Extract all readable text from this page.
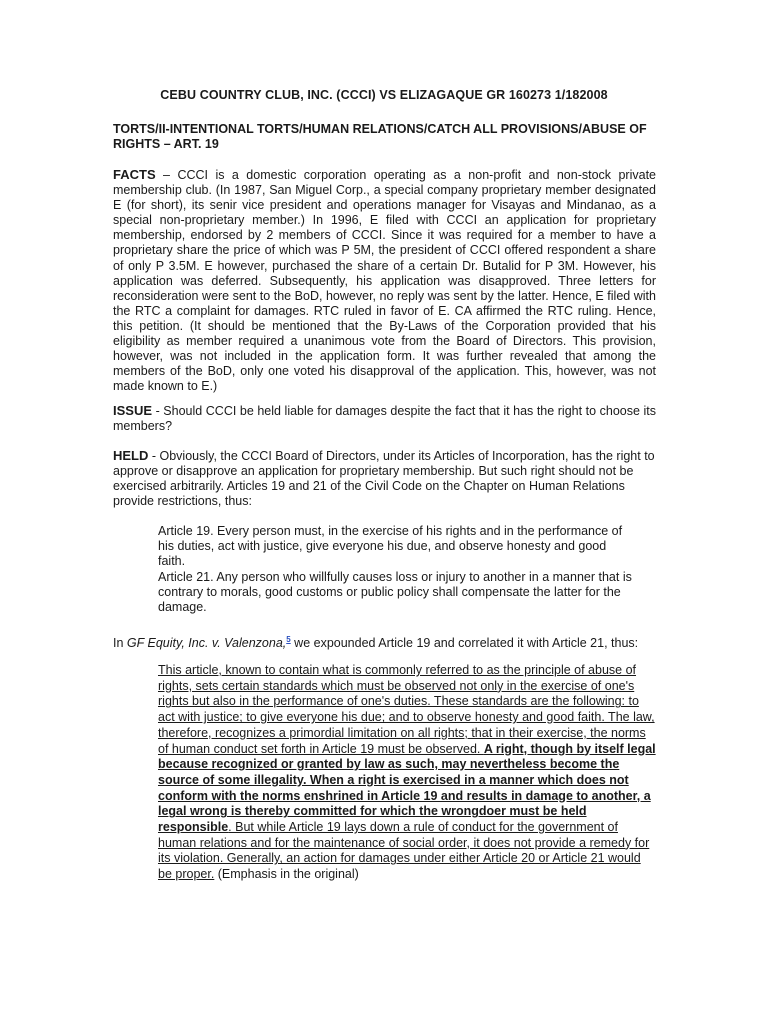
CEBU COUNTRY CLUB, INC. (CCCI) VS ELIZAGAQUE GR 160273 1/182008
TORTS/II-INTENTIONAL TORTS/HUMAN RELATIONS/CATCH ALL PROVISIONS/ABUSE OF RIGHTS – ART. 19
FACTS – CCCI is a domestic corporation operating as a non-profit and non-stock private membership club. (In 1987, San Miguel Corp., a special company proprietary member designated E (for short), its senir vice president and operations manager for Visayas and Mindanao, as a special non-proprietary member.) In 1996, E filed with CCCI an application for proprietary membership, endorsed by 2 members of CCCI. Since it was required for a member to have a proprietary share the price of which was P 5M, the president of CCCI offered respondent a share of only P 3.5M. E however, purchased the share of a certain Dr. Butalid for P 3M. However, his application was deferred. Subsequently, his application was disapproved. Three letters for reconsideration were sent to the BoD, however, no reply was sent by the latter. Hence, E filed with the RTC a complaint for damages. RTC ruled in favor of E. CA affirmed the RTC ruling. Hence, this petition. (It should be mentioned that the By-Laws of the Corporation provided that his eligibility as member required a unanimous vote from the Board of Directors. This provision, however, was not included in the application form. It was further revealed that among the members of the BoD, only one voted his disapproval of the application. This, however, was not made known to E.)
ISSUE - Should CCCI be held liable for damages despite the fact that it has the right to choose its members?
HELD - Obviously, the CCCI Board of Directors, under its Articles of Incorporation, has the right to approve or disapprove an application for proprietary membership. But such right should not be exercised arbitrarily. Articles 19 and 21 of the Civil Code on the Chapter on Human Relations provide restrictions, thus:
Article 19. Every person must, in the exercise of his rights and in the performance of his duties, act with justice, give everyone his due, and observe honesty and good faith.
Article 21. Any person who willfully causes loss or injury to another in a manner that is contrary to morals, good customs or public policy shall compensate the latter for the damage.
In GF Equity, Inc. v. Valenzona,$^5$ we expounded Article 19 and correlated it with Article 21, thus:
This article, known to contain what is commonly referred to as the principle of abuse of rights, sets certain standards which must be observed not only in the exercise of one's rights but also in the performance of one's duties. These standards are the following: to act with justice; to give everyone his due; and to observe honesty and good faith. The law, therefore, recognizes a primordial limitation on all rights; that in their exercise, the norms of human conduct set forth in Article 19 must be observed. A right, though by itself legal because recognized or granted by law as such, may nevertheless become the source of some illegality. When a right is exercised in a manner which does not conform with the norms enshrined in Article 19 and results in damage to another, a legal wrong is thereby committed for which the wrongdoer must be held responsible. But while Article 19 lays down a rule of conduct for the government of human relations and for the maintenance of social order, it does not provide a remedy for its violation. Generally, an action for damages under either Article 20 or Article 21 would be proper. (Emphasis in the original)
